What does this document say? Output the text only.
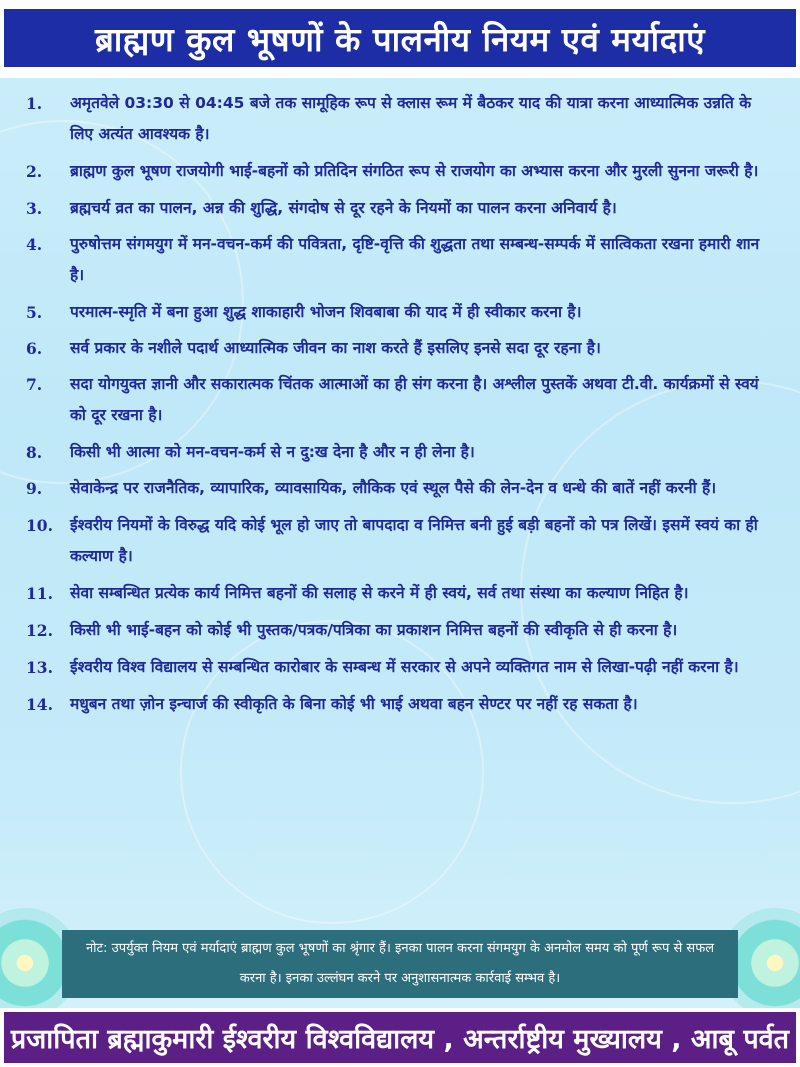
ब्राह्मण कुल भूषणों के पालनीय नियम एवं मर्यादाएं
1.	अमृतवेले 03:30 से 04:45 बजे तक सामूहिक रूप से क्लास रूम में बैठकर याद की यात्रा करना आध्यात्मिक उन्नति के लिए अत्यंत आवश्यक है।
2.	ब्राह्मण कुल भूषण राजयोगी भाई-बहनों को प्रतिदिन संगठित रूप से राजयोग का अभ्यास करना और मुरली सुनना जरूरी है।
3.	ब्रह्मचर्य व्रत का पालन, अन्न की शुद्धि, संगदोष से दूर रहने के नियमों का पालन करना अनिवार्य है।
4.	पुरुषोत्तम संगमयुग में मन-वचन-कर्म की पवित्रता, दृष्टि-वृत्ति की शुद्धता तथा सम्बन्ध-सम्पर्क में सात्विकता रखना हमारी शान है।
5.	परमात्म-स्मृति में बना हुआ शुद्ध शाकाहारी भोजन शिवबाबा की याद में ही स्वीकार करना है।
6.	सर्व प्रकार के नशीले पदार्थ आध्यात्मिक जीवन का नाश करते हैं इसलिए इनसे सदा दूर रहना है।
7.	सदा योगयुक्त ज्ञानी और सकारात्मक चिंतक आत्माओं का ही संग करना है। अश्लील पुस्तकें अथवा टी.वी. कार्यक्रमों से स्वयं को दूर रखना है।
8.	किसी भी आत्मा को मन-वचन-कर्म से न दु:ख देना है और न ही लेना है।
9.	सेवाकेन्द्र पर राजनैतिक, व्यापारिक, व्यावसायिक, लौकिक एवं स्थूल पैसे की लेन-देन व धन्धे की बातें नहीं करनी हैं।
10.	ईश्वरीय नियमों के विरुद्ध यदि कोई भूल हो जाए तो बापदादा व निमित्त बनी हुई बड़ी बहनों को पत्र लिखें। इसमें स्वयं का ही कल्याण है।
11.	सेवा सम्बन्धित प्रत्येक कार्य निमित्त बहनों की सलाह से करने में ही स्वयं, सर्व तथा संस्था का कल्याण निहित है।
12.	किसी भी भाई-बहन को कोई भी पुस्तक/पत्रक/पत्रिका का प्रकाशन निमित्त बहनों की स्वीकृति से ही करना है।
13.	ईश्वरीय विश्व विद्यालय से सम्बन्धित कारोबार के सम्बन्ध में सरकार से अपने व्यक्तिगत नाम से लिखा-पढ़ी नहीं करना है।
14.	मधुबन तथा ज़ोन इन्चार्ज की स्वीकृति के बिना कोई भी भाई अथवा बहन सेण्टर पर नहीं रह सकता है।
नोट: उपर्युक्त नियम एवं मर्यादाएं ब्राह्मण कुल भूषणों का श्रृंगार हैं। इनका पालन करना संगमयुग के अनमोल समय को पूर्ण रूप से सफल करना है। इनका उल्लंघन करने पर अनुशासनात्मक कार्रवाई सम्भव है।
प्रजापिता ब्रह्माकुमारी ईश्वरीय विश्वविद्यालय , अन्तर्राष्ट्रीय मुख्यालय , आबू पर्वत
